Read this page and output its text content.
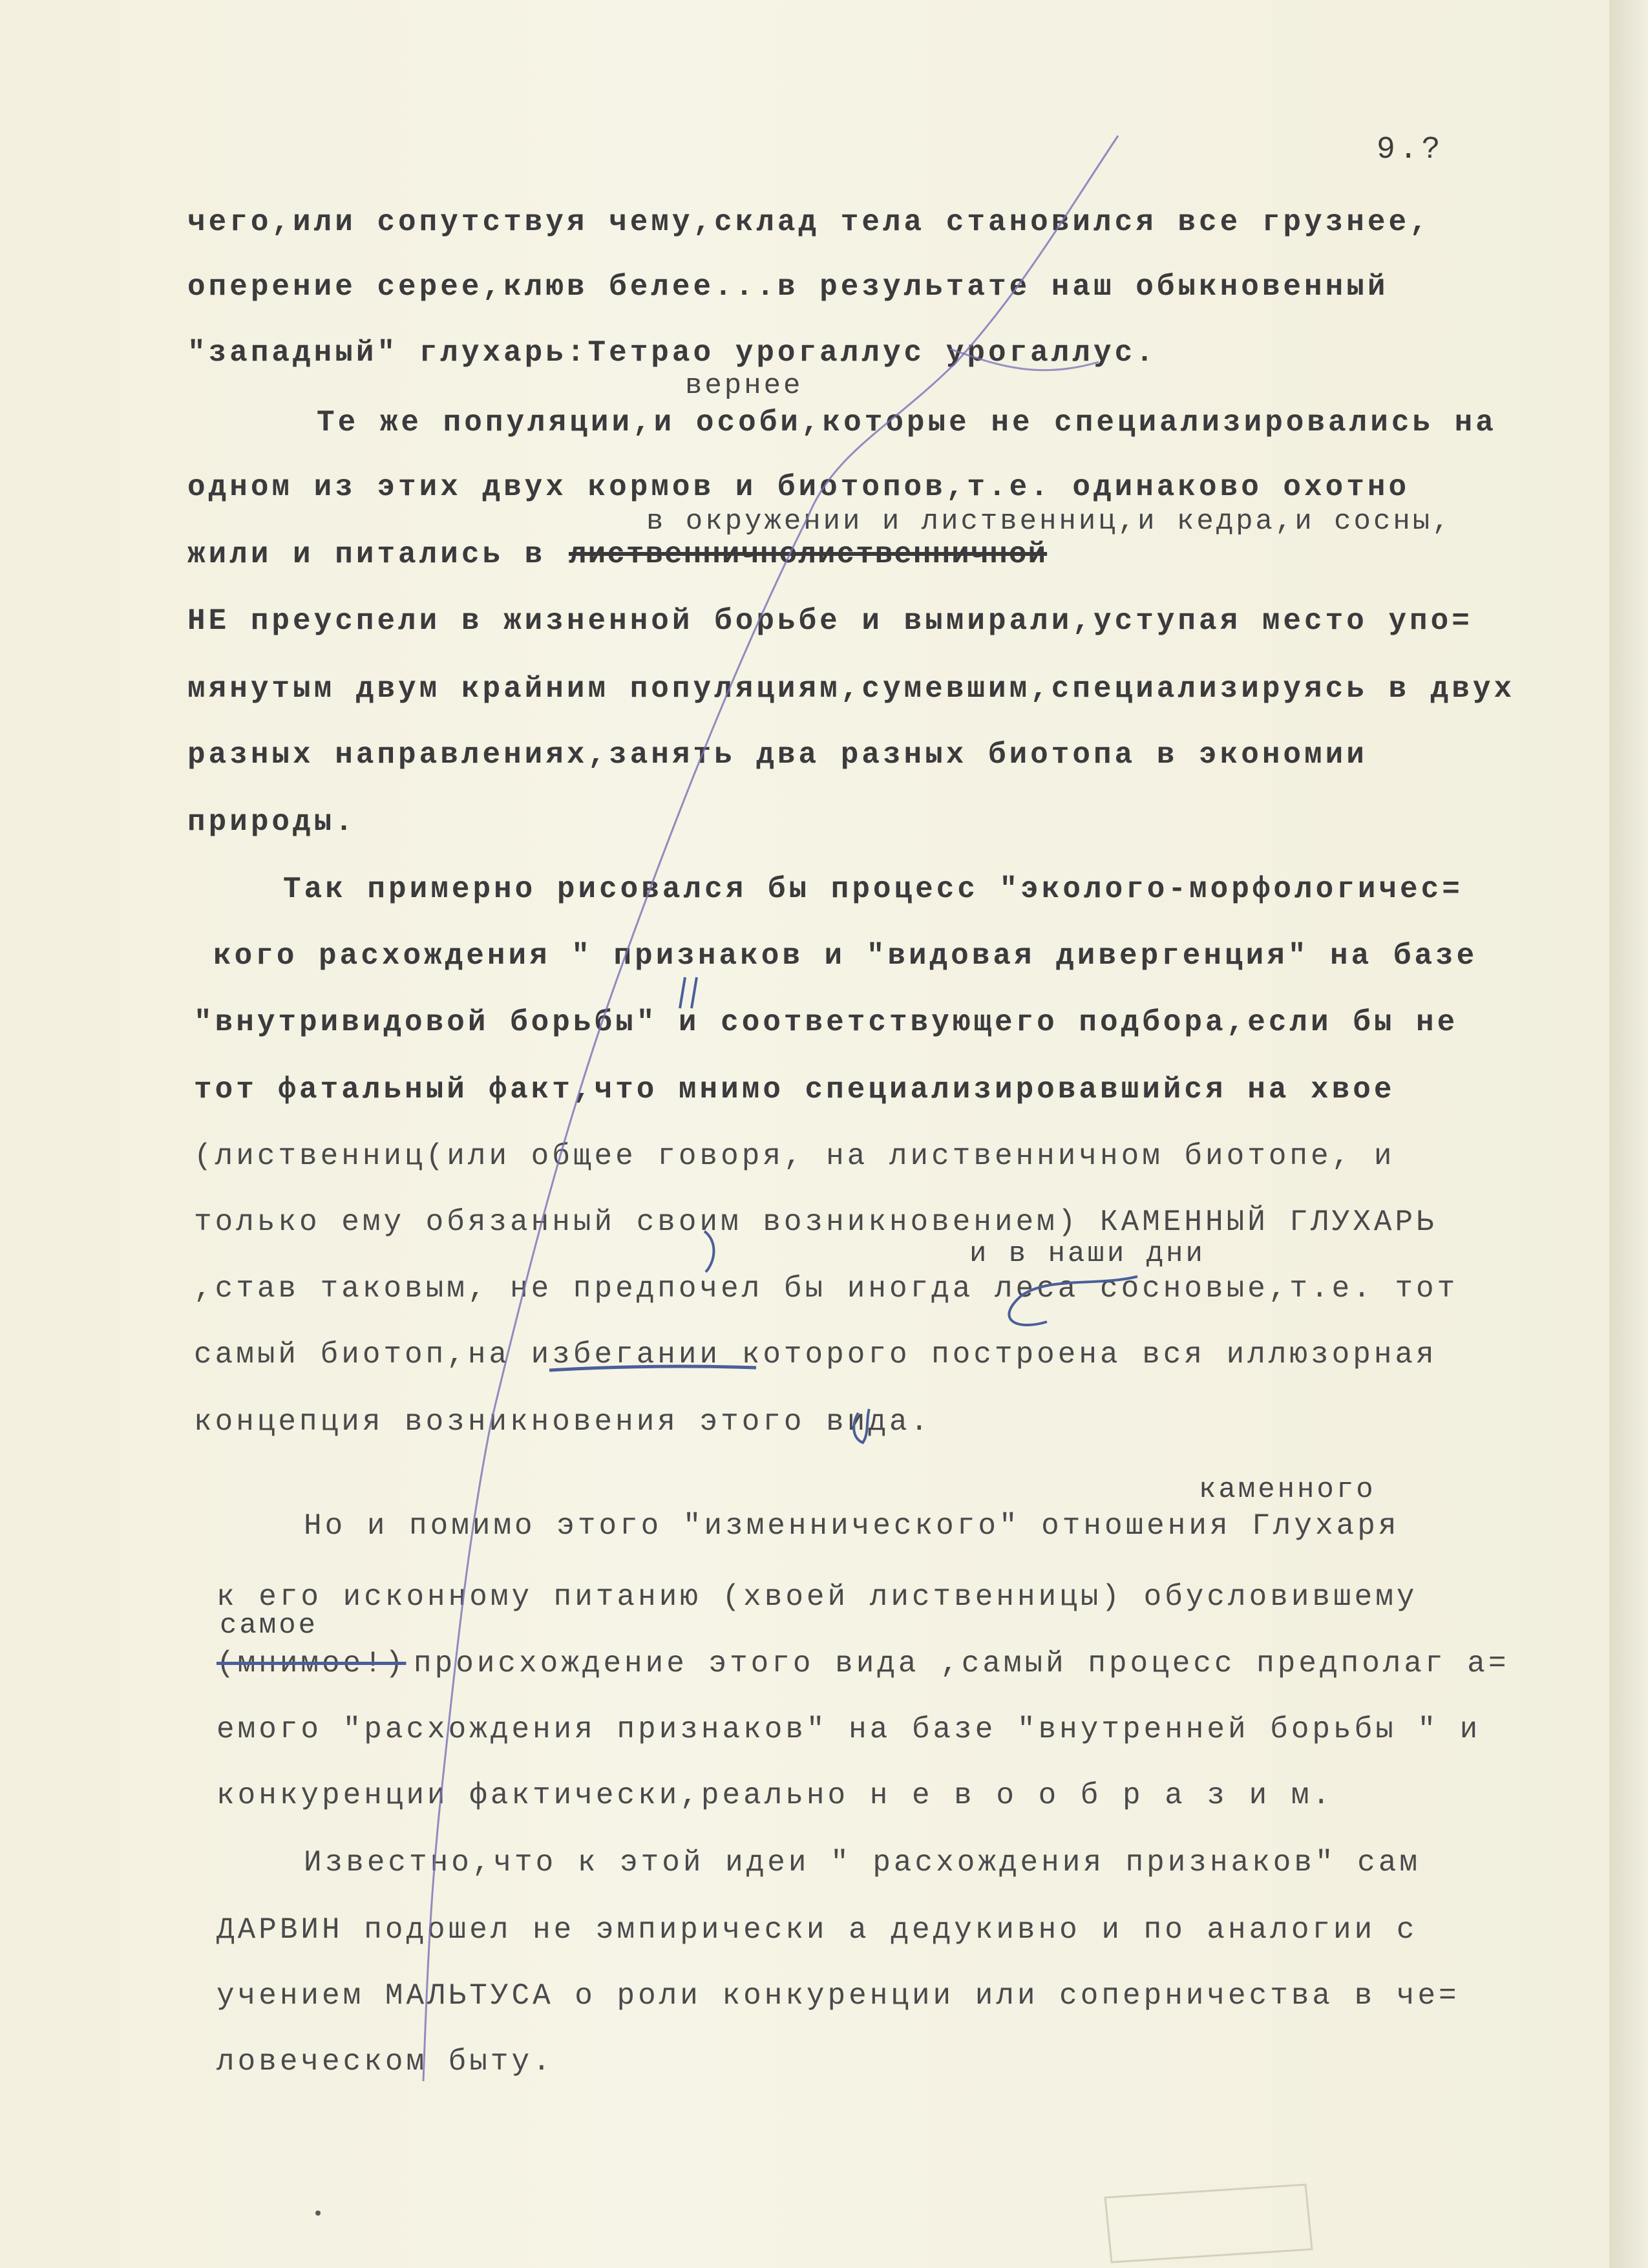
9.?
чего,или сопутствуя чему,склад тела становился все грузнее,
оперение серее,клюв белее...в результате наш обыкновенный
"западный" глухарь:Тетрао урогаллус урогаллус.
вернее
Те же популяции,и особи,которые не специализировались на
одном из этих двух кормов и биотопов,т.е. одинаково охотно
в окружении и лиственниц,и кедра,и сосны,
жили и питались в лиственничнолиственничной
НЕ преуспели в жизненной борьбе и вымирали,уступая место упо=
мянутым двум крайним популяциям,сумевшим,специализируясь в двух
разных направлениях,занять два разных биотопа в экономии
природы.
Так примерно рисовался бы процесс "эколого-морфологичес=
кого расхождения " признаков и "видовая дивергенция" на базе
"внутривидовой борьбы" и соответствующего подбора,если бы не
тот фатальный факт,что мнимо специализировавшийся на хвое
(лиственниц(или общее говоря, на лиственничном биотопе, и
только ему обязанный своим возникновением) КАМЕННЫЙ ГЛУХАРЬ
и в наши дни
,став таковым, не предпочел бы иногда леса сосновые,т.е. тот
самый биотоп,на избегании которого построена вся иллюзорная
концепция возникновения этого вида.
каменного
Но и помимо этого "изменнического" отношения Глухаря
к его исконному питанию (хвоей лиственницы) обусловившему
самое
(мнимое!) происхождение этого вида ,самый процесс предполаг а=
емого "расхождения признаков" на базе "внутренней борьбы " и
конкуренции фактически,реально н е в о о б р а з и м.
Известно,что к этой идеи " расхождения признаков" сам
ДАРВИН подошел не эмпирически а дедукивно и по аналогии с
учением МАЛЬТУСА о роли конкуренции или соперничества в че=
ловеческом быту.
